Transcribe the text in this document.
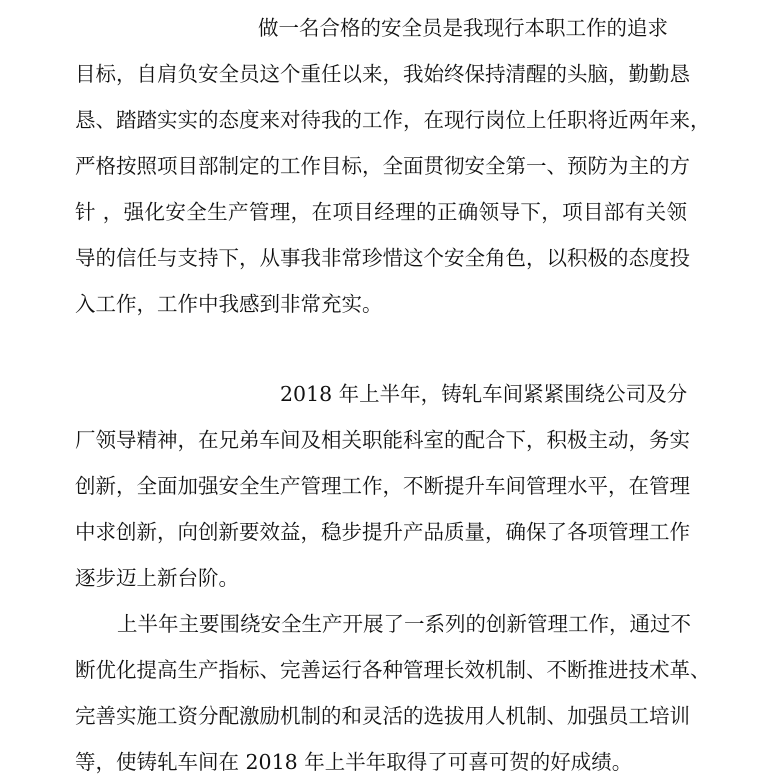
做一名合格的安全员是我现行本职工作的追求
目标，自肩负安全员这个重任以来，我始终保持清醒的头脑，勤勤恳
恳、踏踏实实的态度来对待我的工作，在现行岗位上任职将近两年来，
严格按照项目部制定的工作目标，全面贯彻安全第一、预防为主的方
针 ，强化安全生产管理，在项目经理的正确领导下，项目部有关领
导的信任与支持下，从事我非常珍惜这个安全角色，以积极的态度投
入工作，工作中我感到非常充实。
2018 年上半年，铸轧车间紧紧围绕公司及分
厂领导精神，在兄弟车间及相关职能科室的配合下，积极主动，务实
创新，全面加强安全生产管理工作，不断提升车间管理水平，在管理
中求创新，向创新要效益，稳步提升产品质量，确保了各项管理工作
逐步迈上新台阶。
上半年主要围绕安全生产开展了一系列的创新管理工作，通过不
断优化提高生产指标、完善运行各种管理长效机制、不断推进技术革、
完善实施工资分配激励机制的和灵活的选拔用人机制、加强员工培训
等，使铸轧车间在 2018 年上半年取得了可喜可贺的好成绩。
